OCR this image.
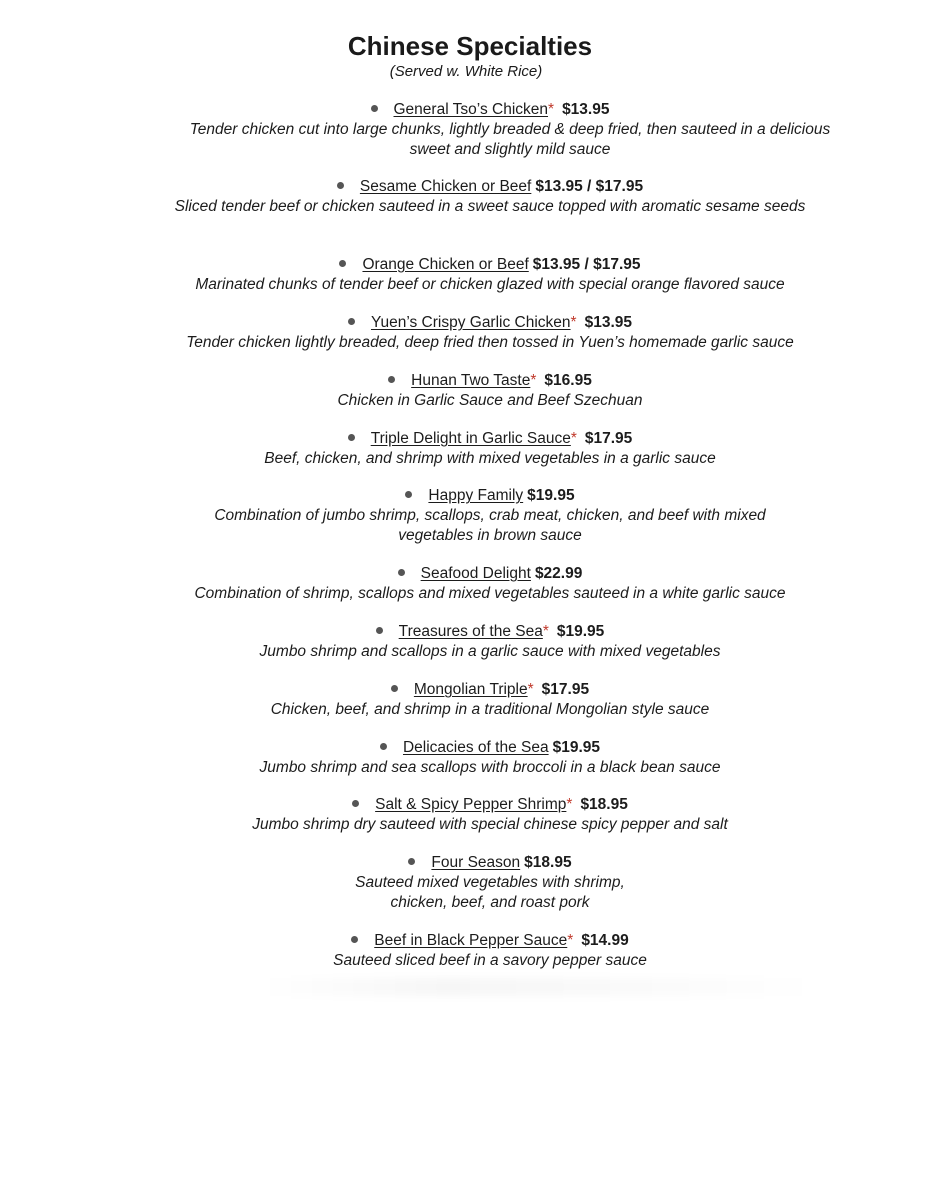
Chinese Specialties
(Served w. White Rice)
General Tso’s Chicken* $13.95
Tender chicken cut into large chunks, lightly breaded & deep fried, then sauteed in a delicious sweet and slightly mild sauce
Sesame Chicken or Beef $13.95 / $17.95
Sliced tender beef or chicken sauteed in a sweet sauce topped with aromatic sesame seeds
Orange Chicken or Beef $13.95 / $17.95
Marinated chunks of tender beef or chicken glazed with special orange flavored sauce
Yuen’s Crispy Garlic Chicken* $13.95
Tender chicken lightly breaded, deep fried then tossed in Yuen’s homemade garlic sauce
Hunan Two Taste* $16.95
Chicken in Garlic Sauce and Beef Szechuan
Triple Delight in Garlic Sauce* $17.95
Beef, chicken, and shrimp with mixed vegetables in a garlic sauce
Happy Family $19.95
Combination of jumbo shrimp, scallops, crab meat, chicken, and beef with mixed vegetables in brown sauce
Seafood Delight $22.99
Combination of shrimp, scallops and mixed vegetables sauteed in a white garlic sauce
Treasures of the Sea* $19.95
Jumbo shrimp and scallops in a garlic sauce with mixed vegetables
Mongolian Triple* $17.95
Chicken, beef, and shrimp in a traditional Mongolian style sauce
Delicacies of the Sea $19.95
Jumbo shrimp and sea scallops with broccoli in a black bean sauce
Salt & Spicy Pepper Shrimp* $18.95
Jumbo shrimp dry sauteed with special chinese spicy pepper and salt
Four Season $18.95
Sauteed mixed vegetables with shrimp, chicken, beef, and roast pork
Beef in Black Pepper Sauce* $14.99
Sauteed sliced beef in a savory pepper sauce
